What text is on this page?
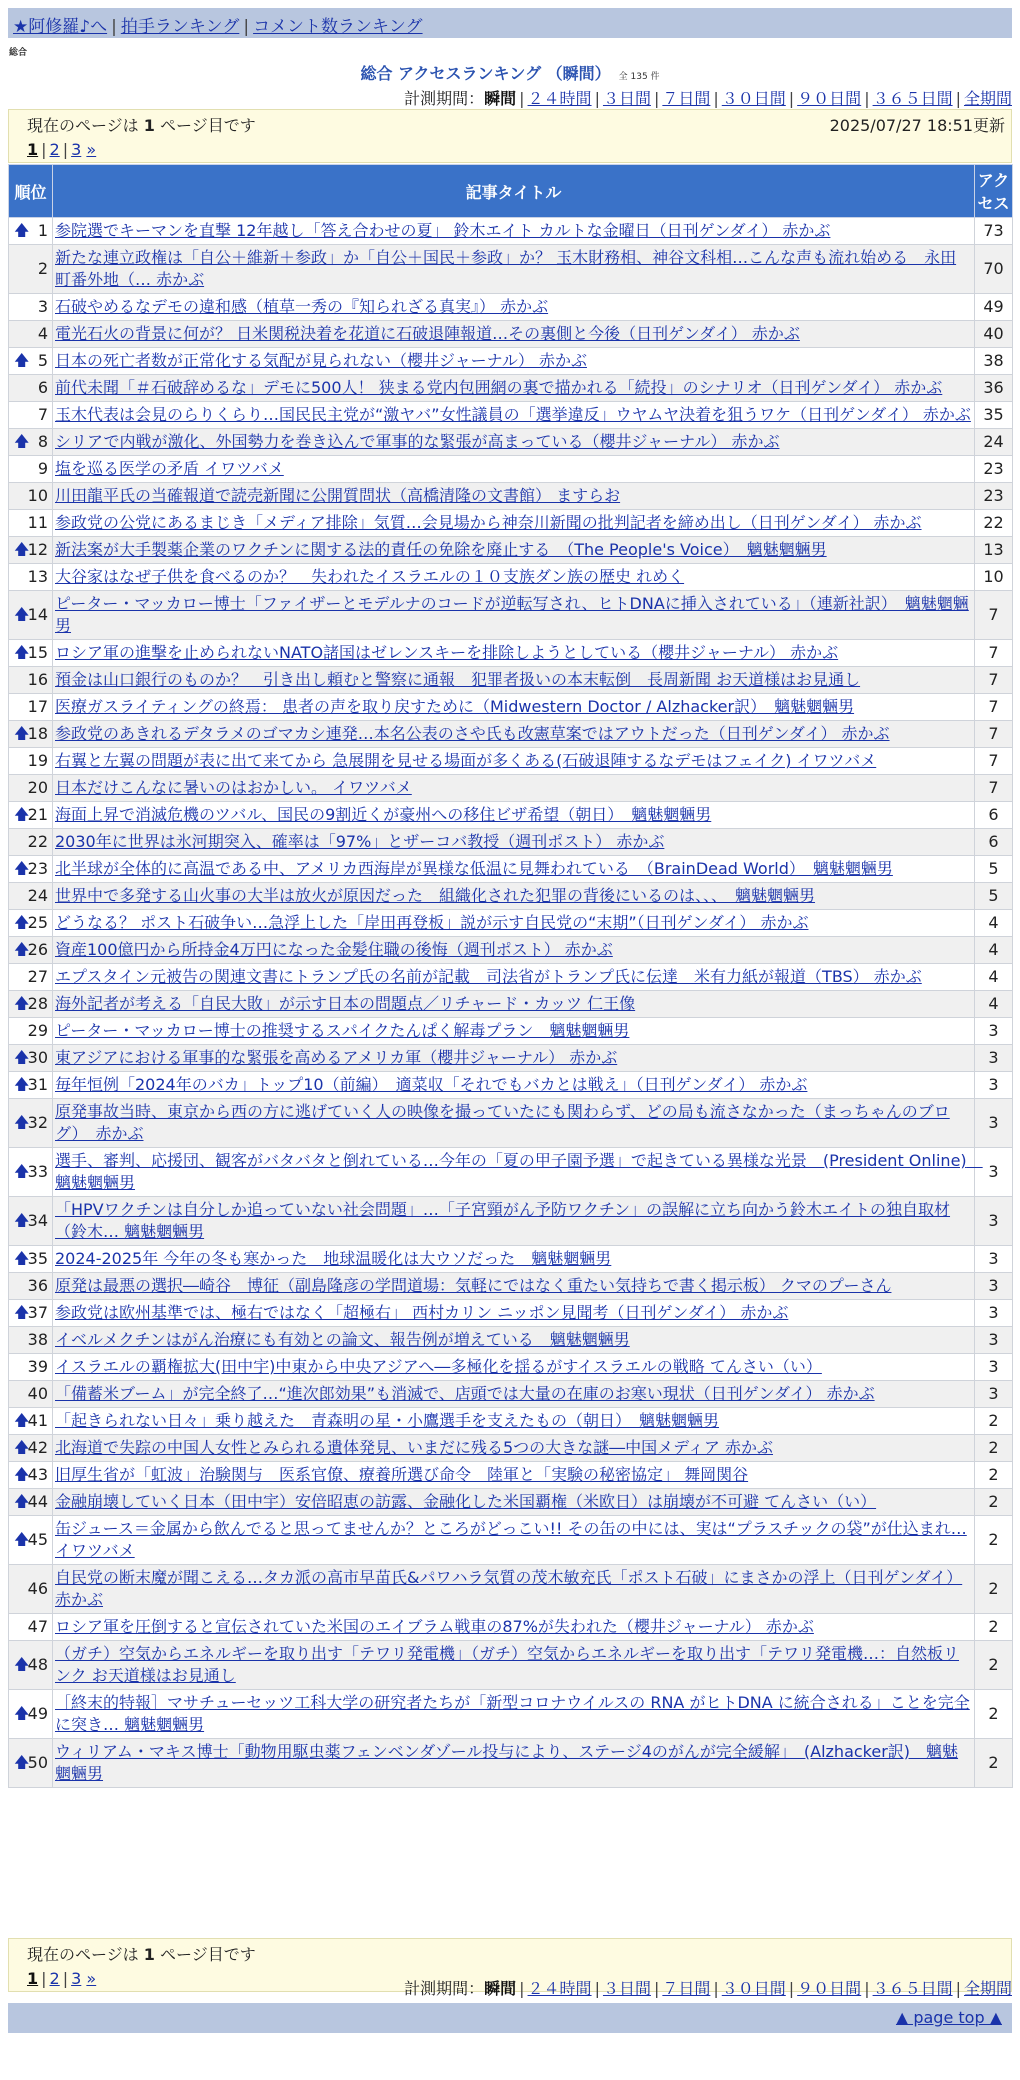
★阿修羅♪へ | 拍手ランキング | コメント数ランキング
総合
総合 アクセスランキング （瞬間） 全 135 件
計測期間：瞬間 | ２４時間 | ３日間 | ７日間 | ３０日間 | ９０日間 | ３６５日間 | 全期間
現在のページは 1 ページ目です	2025/07/27 18:51更新
1 | 2 | 3 »
順位	記事タイトル	アクセス

🡅 1	参院選でキーマンを直撃 12年越し「答え合わせの夏」 鈴木エイト カルトな金曜日（日刊ゲンダイ） 赤かぶ	73
2	新たな連立政権は「自公＋維新＋参政」か「自公＋国民＋参政」か？ 玉木財務相、神谷文科相…こんな声も流れ始める　永田町番外地（… 赤かぶ	70
3	石破やめるなデモの違和感（植草一秀の『知られざる真実』） 赤かぶ	49
4	電光石火の背景に何が？ 日米関税決着を花道に石破退陣報道…その裏側と今後（日刊ゲンダイ） 赤かぶ	40

🡅 5	日本の死亡者数が正常化する気配が見られない（櫻井ジャーナル） 赤かぶ	38
6	前代未聞「＃石破辞めるな」デモに500人！ 狭まる党内包囲網の裏で描かれる「続投」のシナリオ（日刊ゲンダイ） 赤かぶ	36
7	玉木代表は会見のらりくらり…国民民主党が“激ヤバ”女性議員の「選挙違反」ウヤムヤ決着を狙うワケ（日刊ゲンダイ） 赤かぶ	35

🡅 8	シリアで内戦が激化、外国勢力を巻き込んで軍事的な緊張が高まっている（櫻井ジャーナル） 赤かぶ	24
9	塩を巡る医学の矛盾 イワツバメ	23
10	川田龍平氏の当確報道で読売新聞に公開質問状（高橋清隆の文書館） ますらお	23
11	参政党の公党にあるまじき「メディア排除」気質…会見場から神奈川新聞の批判記者を締め出し（日刊ゲンダイ） 赤かぶ	22

🡅
12	新法案が大手製薬企業のワクチンに関する法的責任の免除を廃止する　（The People's Voice）　魑魅魍魎男	13
13	大谷家はなぜ子供を食べるのか？　失われたイスラエルの１０支族ダン族の歴史 れめく	10

🡅
14	ピーター・マッカロー博士「ファイザーとモデルナのコードが逆転写され、ヒトDNAに挿入されている」（連新社訳）　魑魅魍魎男	7

🡅
15	ロシア軍の進撃を止められないNATO諸国はゼレンスキーを排除しようとしている（櫻井ジャーナル） 赤かぶ	7
16	預金は山口銀行のものか？　引き出し頼むと警察に通報　犯罪者扱いの本末転倒　長周新聞 お天道様はお見通し	7
17	医療ガスライティングの終焉： 患者の声を取り戻すために（Midwestern Doctor / Alzhacker訳）　魑魅魍魎男	7

🡅
18	参政党のあきれるデタラメのゴマカシ連発…本名公表のさや氏も改憲草案ではアウトだった（日刊ゲンダイ） 赤かぶ	7
19	右翼と左翼の問題が表に出て来てから 急展開を見せる場面が多くある(石破退陣するなデモはフェイク) イワツバメ	7
20	日本だけこんなに暑いのはおかしい。 イワツバメ	7

🡅
21	海面上昇で消滅危機のツバル、国民の9割近くが豪州への移住ビザ希望（朝日）　魑魅魍魎男	6
22	2030年に世界は氷河期突入、確率は「97%」とザーコバ教授（週刊ポスト） 赤かぶ	6

🡅
23	北半球が全体的に高温である中、アメリカ西海岸が異様な低温に見舞われている　（BrainDead World）　魑魅魍魎男	5
24	世界中で多発する山火事の大半は放火が原因だった　組織化された犯罪の背後にいるのは、、、　魑魅魍魎男	5

🡅
25	どうなる？ ポスト石破争い…急浮上した「岸田再登板」説が示す自民党の“末期”（日刊ゲンダイ） 赤かぶ	4

🡅
26	資産100億円から所持金4万円になった金髪住職の後悔（週刊ポスト） 赤かぶ	4
27	エプスタイン元被告の関連文書にトランプ氏の名前が記載　司法省がトランプ氏に伝達　米有力紙が報道（TBS） 赤かぶ	4

🡅
28	海外記者が考える「自民大敗」が示す日本の問題点／リチャード・カッツ 仁王像	4
29	ピーター・マッカロー博士の推奨するスパイクたんぱく解毒プラン　魑魅魍魎男	3

🡅
30	東アジアにおける軍事的な緊張を高めるアメリカ軍（櫻井ジャーナル） 赤かぶ	3

🡅
31	毎年恒例「2024年のバカ」トップ10（前編）　適菜収「それでもバカとは戦え」（日刊ゲンダイ） 赤かぶ	3

🡅
32	原発事故当時、東京から西の方に逃げていく人の映像を撮っていたにも関わらず、どの局も流さなかった（まっちゃんのブログ）　赤かぶ	3

🡅
33	選手、審判、応援団、観客がバタバタと倒れている…今年の「夏の甲子園予選」で起きている異様な光景　(President Online)　魑魅魍魎男	3

🡅
34	「HPVワクチンは自分しか追っていない社会問題」…「子宮頸がん予防ワクチン」の誤解に立ち向かう鈴木エイトの独自取材（鈴木… 魑魅魍魎男	3

🡅
35	2024-2025年 今年の冬も寒かった　地球温暖化は大ウソだった　魑魅魍魎男	3
36	原発は最悪の選択―崎谷　博征（副島隆彦の学問道場：気軽にではなく重たい気持ちで書く掲示板） クマのプーさん	3

🡅
37	参政党は欧州基準では、極右ではなく「超極右」 西村カリン ニッポン見聞考（日刊ゲンダイ） 赤かぶ	3
38	イベルメクチンはがん治療にも有効との論文、報告例が増えている　魑魅魍魎男	3
39	イスラエルの覇権拡大(田中宇)中東から中央アジアへ―多極化を揺るがすイスラエルの戦略 てんさい（い）	3
40	「備蓄米ブーム」が完全終了…“進次郎効果”も消滅で、店頭では大量の在庫のお寒い現状（日刊ゲンダイ） 赤かぶ	3

🡅
41	「起きられない日々」乗り越えた　青森明の星・小鷹選手を支えたもの（朝日）　魑魅魍魎男	2

🡅
42	北海道で失踪の中国人女性とみられる遺体発見、いまだに残る5つの大きな謎―中国メディア 赤かぶ	2

🡅
43	旧厚生省が「虹波」治験関与　医系官僚、療養所選び命令　陸軍と「実験の秘密協定」 舞岡関谷	2

🡅
44	金融崩壊していく日本（田中宇）安倍昭恵の訪露、金融化した米国覇権（米欧日）は崩壊が不可避 てんさい（い）	2

🡅
45	缶ジュース＝金属から飲んでると思ってませんか？ところがどっこい!! その缶の中には、実は“プラスチックの袋”が仕込まれ… イワツバメ	2
46	自民党の断末魔が聞こえる…タカ派の高市早苗氏&パワハラ気質の茂木敏充氏「ポスト石破」にまさかの浮上（日刊ゲンダイ） 赤かぶ	2
47	ロシア軍を圧倒すると宣伝されていた米国のエイブラム戦車の87%が失われた（櫻井ジャーナル） 赤かぶ	2

🡅
48	（ガチ）空気からエネルギーを取り出す「テワリ発電機」（ガチ）空気からエネルギーを取り出す「テワリ発電機…：自然板リンク お天道様はお見通し	2

🡅
49	［終末的特報］マサチューセッツ工科大学の研究者たちが「新型コロナウイルスの RNA がヒトDNA に統合される」ことを完全に突き… 魑魅魍魎男	2

🡅
50	ウィリアム・マキス博士「動物用駆虫薬フェンベンダゾール投与により、ステージ4のがんが完全緩解」　(Alzhacker訳)　魑魅魍魎男	2
現在のページは 1 ページ目です
1 | 2 | 3 »
計測期間：瞬間 | ２４時間 | ３日間 | ７日間 | ３０日間 | ９０日間 | ３６５日間 | 全期間
▲ page top ▲
